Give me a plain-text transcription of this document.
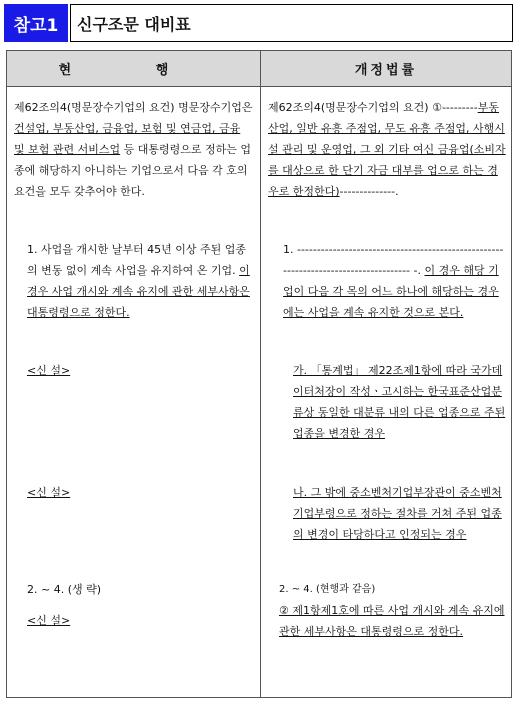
참고1	신구조문 대비표
현 행	개정법률
제62조의4(명문장수기업의 요건) 명문장수기업은 건설업, 부동산업, 금융업, 보험 및 연금업, 금융 및 보험 관련 서비스업 등 대통령령으로 정하는 업종에 해당하지 아니하는 기업으로서 다음 각 호의 요건을 모두 갖추어야 한다.
1. 사업을 개시한 날부터 45년 이상 주된 업종의 변동 없이 계속 사업을 유지하여 온 기업. 이 경우 사업 개시와 계속 유지에 관한 세부사항은 대통령령으로 정한다.
<신 설>
<신 설>
2. ~ 4. (생 략)
<신 설>
제62조의4(명문장수기업의 요건) ①---------부동산업, 일반 유흥 주점업, 무도 유흥 주점업, 사행시설 관리 및 운영업, 그 외 기타 여신 금융업(소비자를 대상으로 한 단기 자금 대부를 업으로 하는 경우로 한정한다)--------------.
1. ------------------------------------------------------------------------------------ -. 이 경우 해당 기업이 다음 각 목의 어느 하나에 해당하는 경우에는 사업을 계속 유지한 것으로 본다.
가. 「통계법」 제22조제1항에 따라 국가데이터처장이 작성ㆍ고시하는 한국표준산업분류상 동일한 대분류 내의 다른 업종으로 주된 업종을 변경한 경우
나. 그 밖에 중소벤처기업부장관이 중소벤처기업부령으로 정하는 절차를 거쳐 주된 업종의 변경이 타당하다고 인정되는 경우
2. ~ 4. (현행과 같음)
② 제1항제1호에 따른 사업 개시와 계속 유지에 관한 세부사항은 대통령령으로 정한다.
